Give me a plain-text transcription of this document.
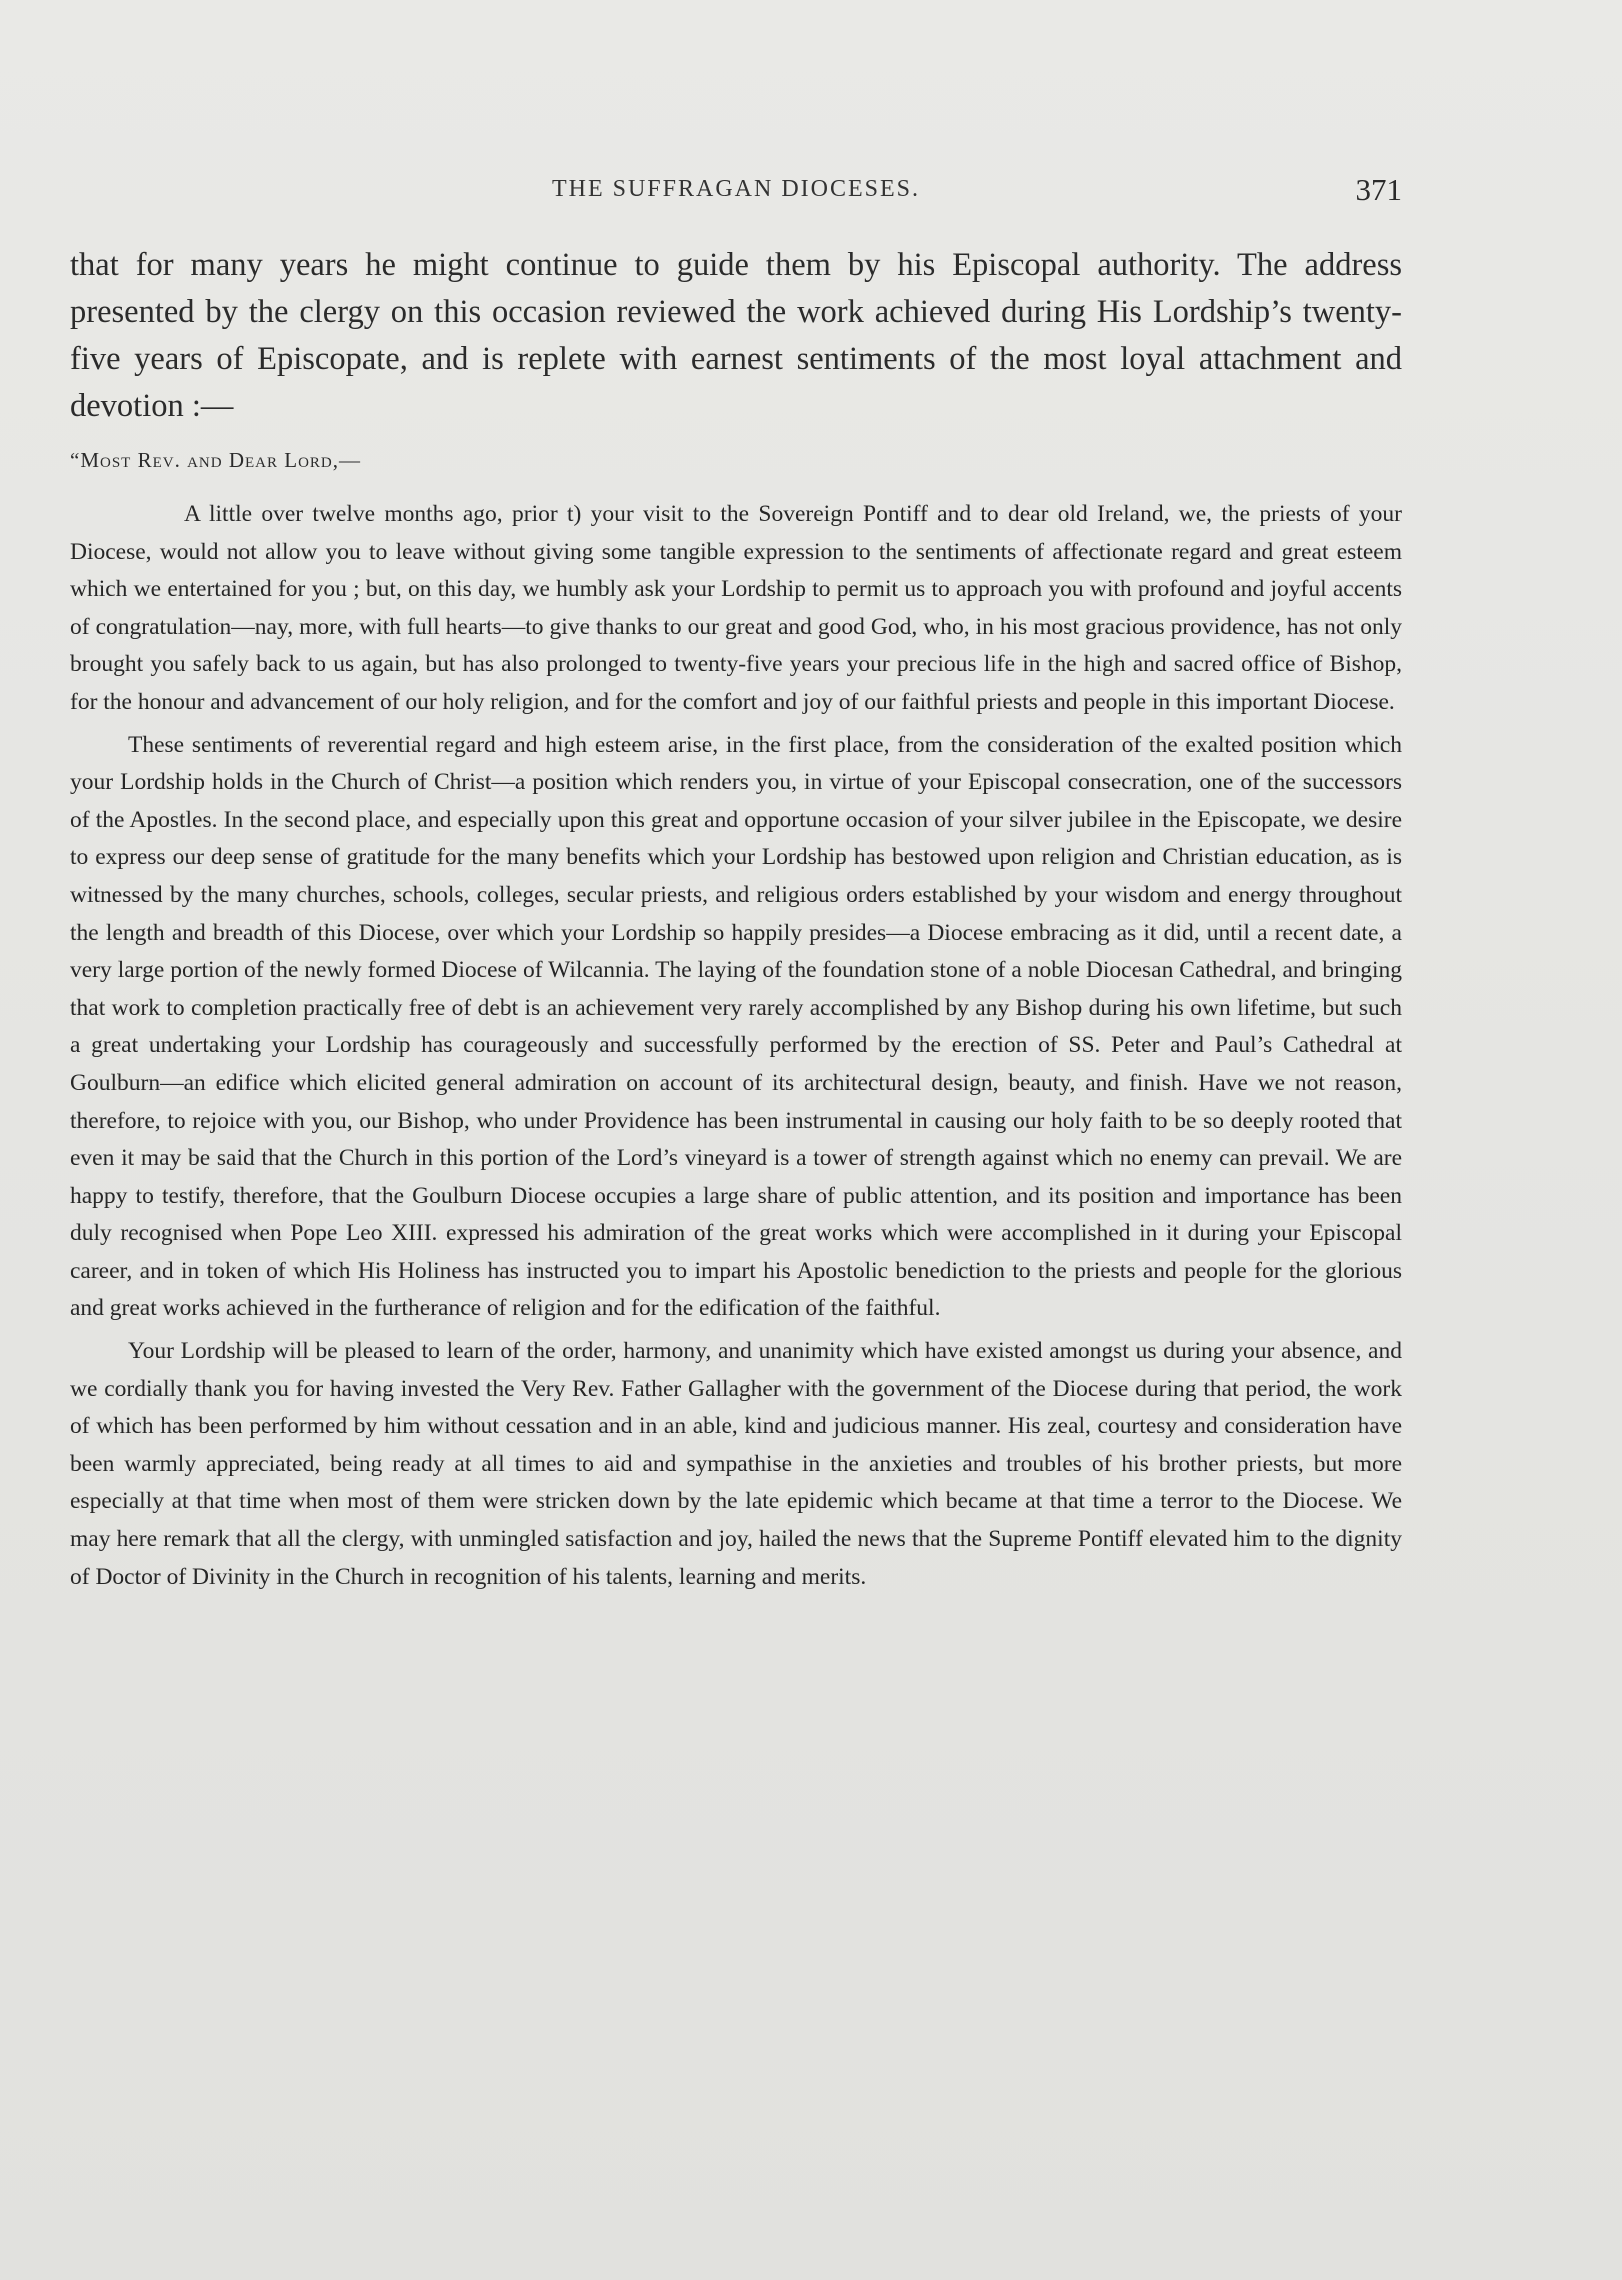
THE SUFFRAGAN DIOCESES.	371

that for many years he might continue to guide them by his Episcopal authority. The address presented by the clergy on this occasion reviewed the work achieved during His Lordship’s twenty-five years of Episcopate, and is replete with earnest sentiments of the most loyal attachment and devotion :—

“Most Rev. and Dear Lord,—

A little over twelve months ago, prior t) your visit to the Sovereign Pontiff and to dear old Ireland, we, the priests of your Diocese, would not allow you to leave without giving some tangible expression to the sentiments of affectionate regard and great esteem which we entertained for you ; but, on this day, we humbly ask your Lordship to permit us to approach you with profound and joyful accents of congratulation—nay, more, with full hearts—to give thanks to our great and good God, who, in his most gracious providence, has not only brought you safely back to us again, but has also prolonged to twenty-five years your precious life in the high and sacred office of Bishop, for the honour and advancement of our holy religion, and for the comfort and joy of our faithful priests and people in this important Diocese.

These sentiments of reverential regard and high esteem arise, in the first place, from the consideration of the exalted position which your Lordship holds in the Church of Christ—a position which renders you, in virtue of your Episcopal consecration, one of the successors of the Apostles. In the second place, and especially upon this great and opportune occasion of your silver jubilee in the Episcopate, we desire to express our deep sense of gratitude for the many benefits which your Lordship has bestowed upon religion and Christian education, as is witnessed by the many churches, schools, colleges, secular priests, and religious orders established by your wisdom and energy throughout the length and breadth of this Diocese, over which your Lordship so happily presides—a Diocese embracing as it did, until a recent date, a very large portion of the newly formed Diocese of Wilcannia. The laying of the foundation stone of a noble Diocesan Cathedral, and bringing that work to completion practically free of debt is an achievement very rarely accomplished by any Bishop during his own lifetime, but such a great undertaking your Lordship has courageously and successfully performed by the erection of SS. Peter and Paul’s Cathedral at Goulburn—an edifice which elicited general admiration on account of its architectural design, beauty, and finish. Have we not reason, therefore, to rejoice with you, our Bishop, who under Providence has been instrumental in causing our holy faith to be so deeply rooted that even it may be said that the Church in this portion of the Lord’s vineyard is a tower of strength against which no enemy can prevail. We are happy to testify, therefore, that the Goulburn Diocese occupies a large share of public attention, and its position and importance has been duly recognised when Pope Leo XIII. expressed his admiration of the great works which were accomplished in it during your Episcopal career, and in token of which His Holiness has instructed you to impart his Apostolic benediction to the priests and people for the glorious and great works achieved in the furtherance of religion and for the edification of the faithful.

Your Lordship will be pleased to learn of the order, harmony, and unanimity which have existed amongst us during your absence, and we cordially thank you for having invested the Very Rev. Father Gallagher with the government of the Diocese during that period, the work of which has been performed by him without cessation and in an able, kind and judicious manner. His zeal, courtesy and consideration have been warmly appreciated, being ready at all times to aid and sympathise in the anxieties and troubles of his brother priests, but more especially at that time when most of them were stricken down by the late epidemic which became at that time a terror to the Diocese. We may here remark that all the clergy, with unmingled satisfaction and joy, hailed the news that the Supreme Pontiff elevated him to the dignity of Doctor of Divinity in the Church in recognition of his talents, learning and merits.
